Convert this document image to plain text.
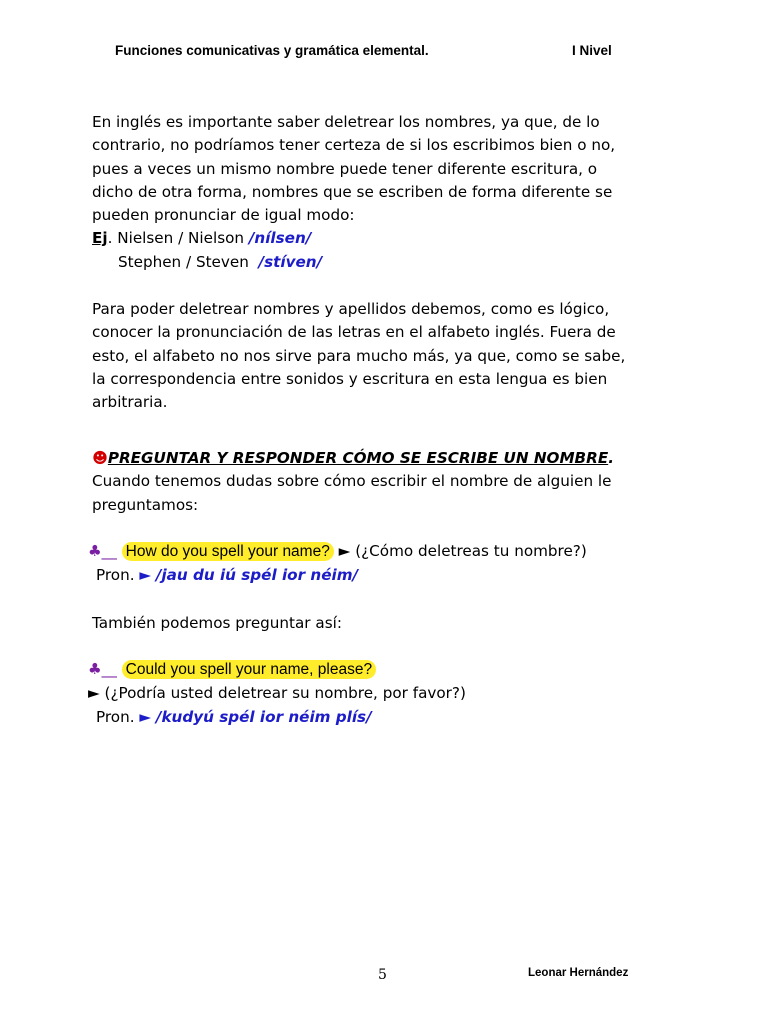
Funciones comunicativas y gramática elemental.	I Nivel
En inglés es importante saber deletrear los nombres, ya que, de lo
contrario, no podríamos tener certeza de si los escribimos bien o no,
pues a veces un mismo nombre puede tener diferente escritura, o
dicho de otra forma, nombres que se escriben de forma diferente se
pueden pronunciar de igual modo:
Ej. Nielsen / Nielson /nílsen/
Stephen / Steven /stíven/
Para poder deletrear nombres y apellidos debemos, como es lógico,
conocer la pronunciación de las letras en el alfabeto inglés. Fuera de
esto, el alfabeto no nos sirve para mucho más, ya que, como se sabe,
la correspondencia entre sonidos y escritura en esta lengua es bien
arbitraria.
☻PREGUNTAR Y RESPONDER CÓMO SE ESCRIBE UN NOMBRE.
Cuando tenemos dudas sobre cómo escribir el nombre de alguien le
preguntamos:
♣__ How do you spell your name? ► (¿Cómo deletreas tu nombre?)
Pron. ► /jau du iú spél ior néim/
También podemos preguntar así:
♣__ Could you spell your name, please?
► (¿Podría usted deletrear su nombre, por favor?)
Pron. ► /kudyú spél ior néim plís/
5	Leonar Hernández
